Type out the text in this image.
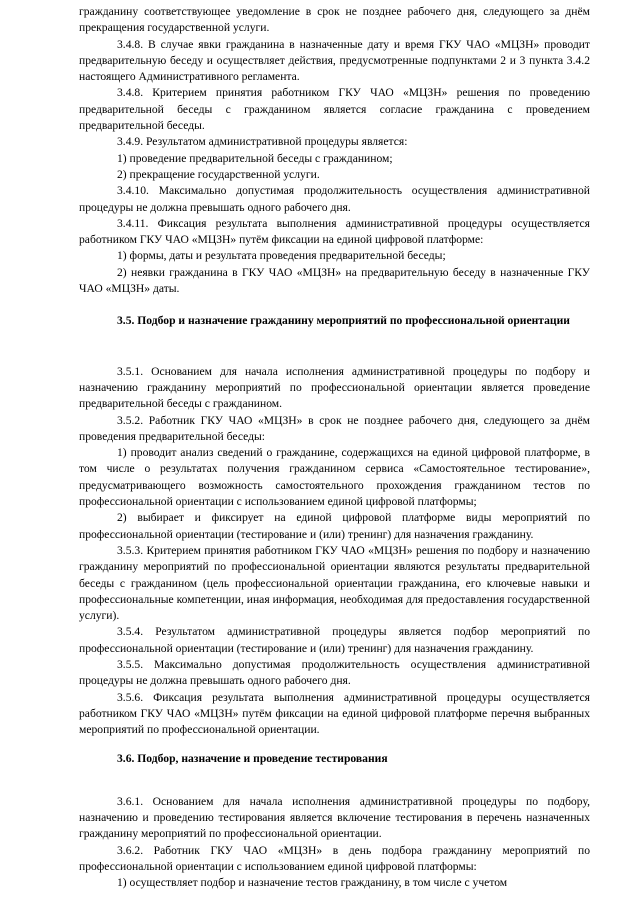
гражданину соответствующее уведомление в срок не позднее рабочего дня, следующего за днём прекращения государственной услуги.

3.4.8. В случае явки гражданина в назначенные дату и время ГКУ ЧАО «МЦЗН» проводит предварительную беседу и осуществляет действия, предусмотренные подпунктами 2 и 3 пункта 3.4.2 настоящего Административного регламента.

3.4.8. Критерием принятия работником ГКУ ЧАО «МЦЗН» решения по проведению предварительной беседы с гражданином является согласие гражданина с проведением предварительной беседы.

3.4.9. Результатом административной процедуры является:

1) проведение предварительной беседы с гражданином;

2) прекращение государственной услуги.

3.4.10. Максимально допустимая продолжительность осуществления административной процедуры не должна превышать одного рабочего дня.

3.4.11. Фиксация результата выполнения административной процедуры осуществляется работником ГКУ ЧАО «МЦЗН» путём фиксации на единой цифровой платформе:

1) формы, даты и результата проведения предварительной беседы;

2) неявки гражданина в ГКУ ЧАО «МЦЗН» на предварительную беседу в назначенные ГКУ ЧАО «МЦЗН» даты.

3.5. Подбор и назначение гражданину мероприятий по профессиональной ориентации

3.5.1. Основанием для начала исполнения административной процедуры по подбору и назначению гражданину мероприятий по профессиональной ориентации является проведение предварительной беседы с гражданином.

3.5.2. Работник ГКУ ЧАО «МЦЗН» в срок не позднее рабочего дня, следующего за днём проведения предварительной беседы:

1) проводит анализ сведений о гражданине, содержащихся на единой цифровой платформе, в том числе о результатах получения гражданином сервиса «Самостоятельное тестирование», предусматривающего возможность самостоятельного прохождения гражданином тестов по профессиональной ориентации с использованием единой цифровой платформы;

2) выбирает и фиксирует на единой цифровой платформе виды мероприятий по профессиональной ориентации (тестирование и (или) тренинг) для назначения гражданину.

3.5.3. Критерием принятия работником ГКУ ЧАО «МЦЗН» решения по подбору и назначению гражданину мероприятий по профессиональной ориентации являются результаты предварительной беседы с гражданином (цель профессиональной ориентации гражданина, его ключевые навыки и профессиональные компетенции, иная информация, необходимая для предоставления государственной услуги).

3.5.4. Результатом административной процедуры является подбор мероприятий по профессиональной ориентации (тестирование и (или) тренинг) для назначения гражданину.

3.5.5. Максимально допустимая продолжительность осуществления административной процедуры не должна превышать одного рабочего дня.

3.5.6. Фиксация результата выполнения административной процедуры осуществляется работником ГКУ ЧАО «МЦЗН» путём фиксации на единой цифровой платформе перечня выбранных мероприятий по профессиональной ориентации.

3.6. Подбор, назначение и проведение тестирования

3.6.1. Основанием для начала исполнения административной процедуры по подбору, назначению и проведению тестирования является включение тестирования в перечень назначенных гражданину мероприятий по профессиональной ориентации.

3.6.2. Работник ГКУ ЧАО «МЦЗН» в день подбора гражданину мероприятий по профессиональной ориентации с использованием единой цифровой платформы:

1) осуществляет подбор и назначение тестов гражданину, в том числе с учетом
